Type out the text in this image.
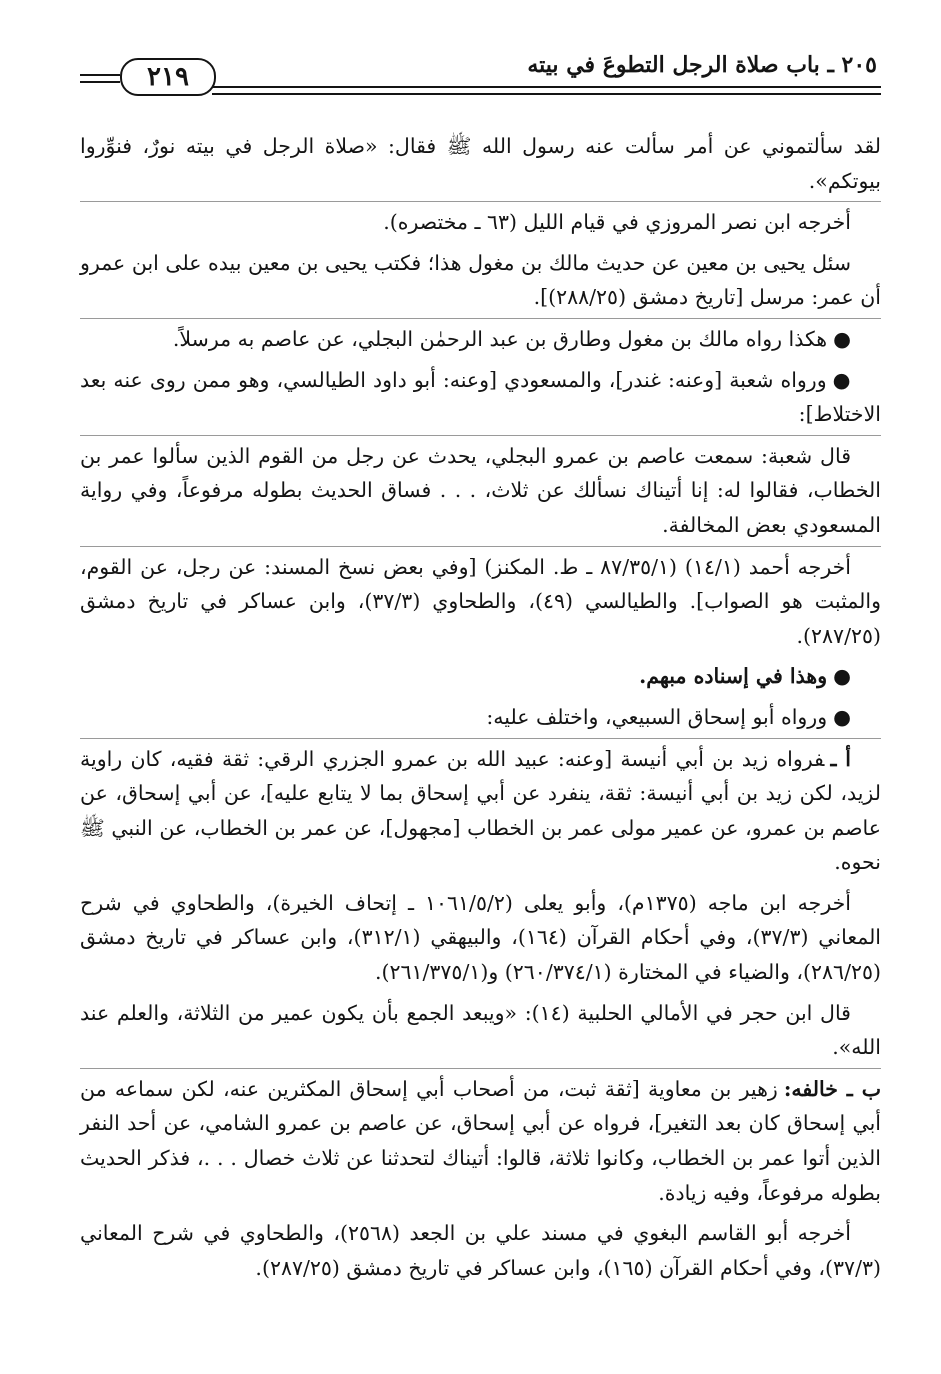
٢١٩	٢٠٥ ـ باب صلاة الرجل التطوعَ في بيته

لقد سألتموني عن أمر سألت عنه رسول الله ﷺ فقال: «صلاة الرجل في بيته نورٌ، فنوِّروا بيوتكم».

أخرجه ابن نصر المروزي في قيام الليل (٦٣ ـ مختصره).

سئل يحيى بن معين عن حديث مالك بن مغول هذا؛ فكتب يحيى بن معين بيده على ابن عمرو أن عمر: مرسل [تاريخ دمشق (٢٨٨/٢٥)].

●هكذا رواه مالك بن مغول وطارق بن عبد الرحمٰن البجلي، عن عاصم به مرسلاً.

●ورواه شعبة [وعنه: غندر]، والمسعودي [وعنه: أبو داود الطيالسي، وهو ممن روى عنه بعد الاختلاط]:

قال شعبة: سمعت عاصم بن عمرو البجلي، يحدث عن رجل من القوم الذين سألوا عمر بن الخطاب، فقالوا له: إنا أتيناك نسألك عن ثلاث، . . . فساق الحديث بطوله مرفوعاً، وفي رواية المسعودي بعض المخالفة.

أخرجه أحمد (١٤/١) (٨٧/٣٥/١ ـ ط. المكنز) [وفي بعض نسخ المسند: عن رجل، عن القوم، والمثبت هو الصواب]. والطيالسي (٤٩)، والطحاوي (٣٧/٣)، وابن عساكر في تاريخ دمشق (٢٨٧/٢٥).

●وهذا في إسناده مبهم.

●ورواه أبو إسحاق السبيعي، واختلف عليه:

أ ـفرواه زيد بن أبي أنيسة [وعنه: عبيد الله بن عمرو الجزري الرقي: ثقة فقيه، كان راوية لزيد، لكن زيد بن أبي أنيسة: ثقة، ينفرد عن أبي إسحاق بما لا يتابع عليه]، عن أبي إسحاق، عن عاصم بن عمرو، عن عمير مولى عمر بن الخطاب [مجهول]، عن عمر بن الخطاب، عن النبي ﷺ نحوه.

أخرجه ابن ماجه (١٣٧٥م)، وأبو يعلى (١٠٦١/٥/٢ ـ إتحاف الخيرة)، والطحاوي في شرح المعاني (٣٧/٣)، وفي أحكام القرآن (١٦٤)، والبيهقي (٣١٢/١)، وابن عساكر في تاريخ دمشق (٢٨٦/٢٥)، والضياء في المختارة (٢٦٠/٣٧٤/١) و(٢٦١/٣٧٥/١).

قال ابن حجر في الأمالي الحلبية (١٤): «ويبعد الجمع بأن يكون عمير من الثلاثة، والعلم عند الله».

ب ـ خالفه:زهير بن معاوية [ثقة ثبت، من أصحاب أبي إسحاق المكثرين عنه، لكن سماعه من أبي إسحاق كان بعد التغير]، فرواه عن أبي إسحاق، عن عاصم بن عمرو الشامي، عن أحد النفر الذين أتوا عمر بن الخطاب، وكانوا ثلاثة، قالوا: أتيناك لتحدثنا عن ثلاث خصال . . .، فذكر الحديث بطوله مرفوعاً، وفيه زيادة.

أخرجه أبو القاسم البغوي في مسند علي بن الجعد (٢٥٦٨)، والطحاوي في شرح المعاني (٣٧/٣)، وفي أحكام القرآن (١٦٥)، وابن عساكر في تاريخ دمشق (٢٨٧/٢٥).
